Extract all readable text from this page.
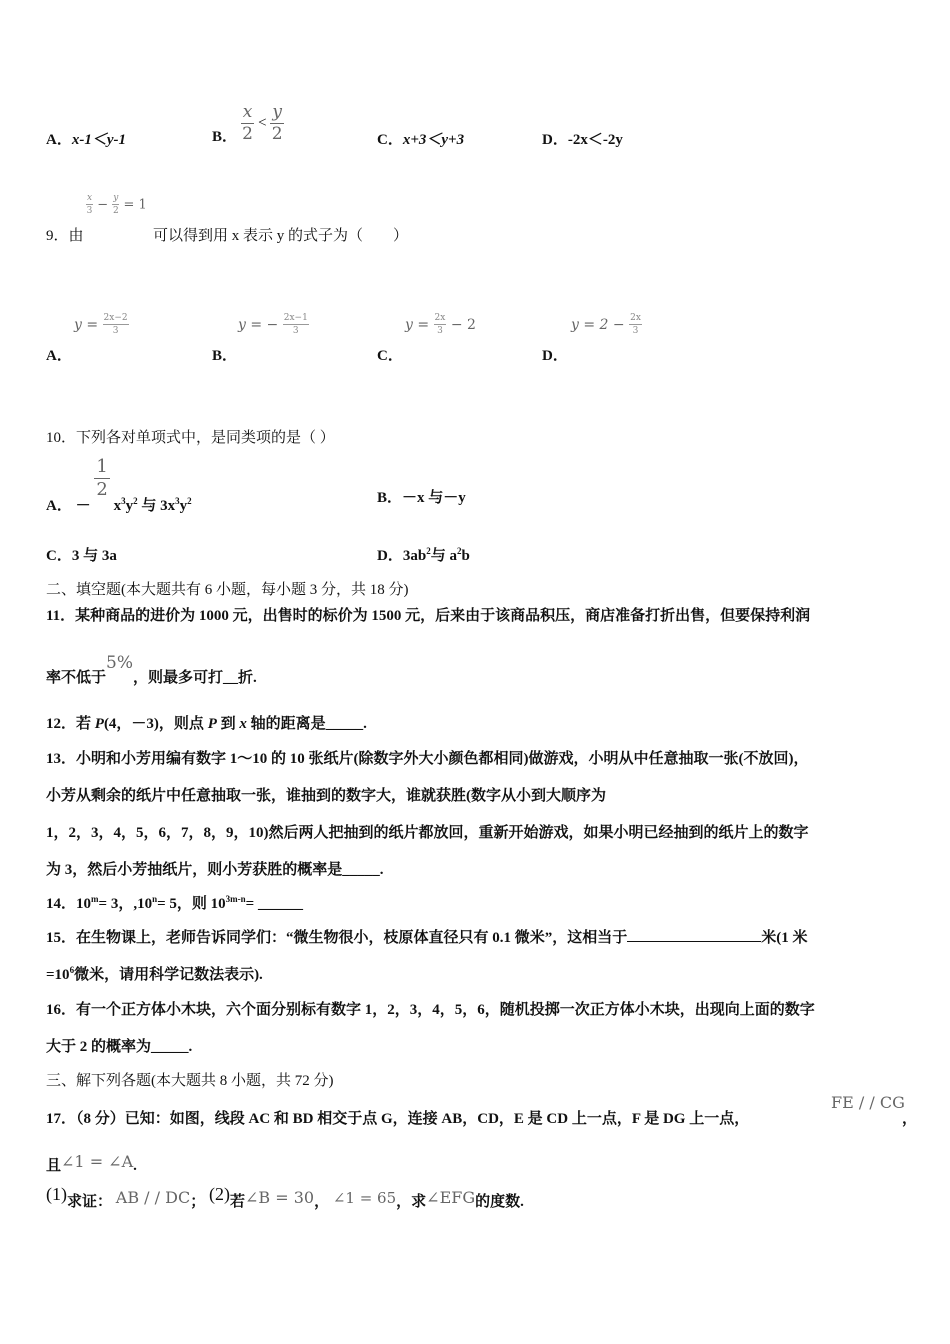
A．x-1＜y-1	B． $\frac{x}{2} < \frac{y}{2}$	C．x+3＜y+3	D．-2x＜-2y
$\frac{x}{3} - \frac{y}{2} = 1$
9．由	可以得到用 x 表示 y 的式子为（　　）
$y = \frac{2x-2}{3}$
A．
y = − $\frac{2x-1}{3}$
B．
$y = \frac{2x}{3} - 2$
C．
$y = 2 - \frac{2x}{3}$
D．
10．下列各对单项式中，是同类项的是（ ）
A． －
$\frac{1}{2}$
$x^3y^2$ 与 $3x^3y^2$	B．－x 与－y
C．3 与 3a	D．$3ab^2$与 $a^2b$
二、填空题(本大题共有 6 小题，每小题 3 分，共 18 分)
11．某种商品的进价为 1000 元，出售时的标价为 1500 元，后来由于该商品积压，商店准备打折出售，但要保持利润
率不低于5%，则最多可打__折.
12．若 P(4，－3)，则点 P 到 x 轴的距离是_____.
13．小明和小芳用编有数字 1～10 的 10 张纸片(除数字外大小颜色都相同)做游戏，小明从中任意抽取一张(不放回)，
小芳从剩余的纸片中任意抽取一张，谁抽到的数字大，谁就获胜(数字从小到大顺序为
1，2，3，4，5，6，7，8，9，10)然后两人把抽到的纸片都放回，重新开始游戏，如果小明已经抽到的纸片上的数字
为 3，然后小芳抽纸片，则小芳获胜的概率是_____.
14．$10^m= 3$，$,10^n= 5$，则 $10^{3m-n}=$ ______
15．在生物课上，老师告诉同学们：“微生物很小，枝原体直径只有 0.1 微米”，这相当于	米(1 米
$=10^6$微米，请用科学记数法表示).
16．有一个正方体小木块，六个面分别标有数字 1，2，3，4，5，6，随机投掷一次正方体小木块，出现向上面的数字
大于 2 的概率为_____.
三、解下列各题(本大题共 8 小题，共 72 分)
17．（8 分）已知：如图，线段 AC 和 BD 相交于点 G，连接 AB，CD，E 是 CD 上一点，F 是 DG 上一点，
FE / / CG
，
且∠1 = ∠A.
(1)求证： AB / / DC； (2)若∠B = 30， ∠1 = 65，求∠EFG的度数.
